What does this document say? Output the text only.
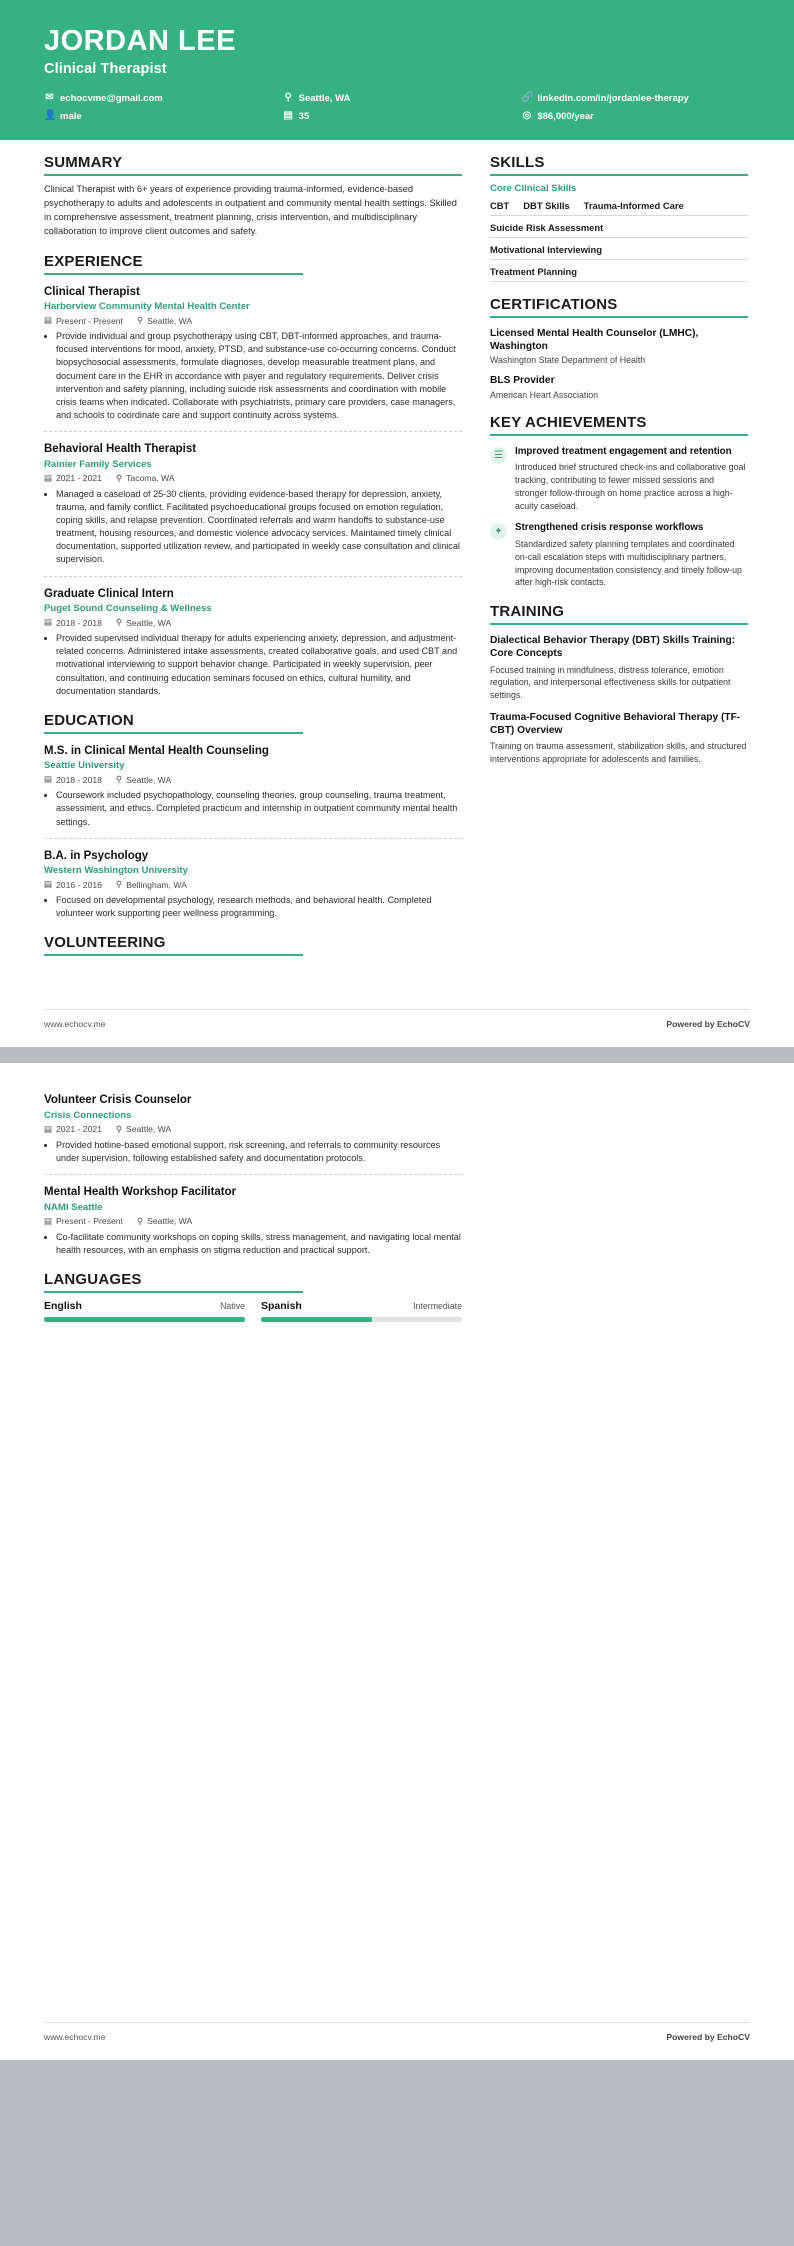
JORDAN LEE
Clinical Therapist
✉ echocvme@gmail.com	⚲ Seattle, WA	🔗 linkedin.com/in/jordanlee-therapy
👤 male	▤ 35	◎ $86,000/year
SUMMARY

Clinical Therapist with 6+ years of experience providing trauma-informed, evidence-based psychotherapy to adults and adolescents in outpatient and community mental health settings. Skilled in comprehensive assessment, treatment planning, crisis intervention, and multidisciplinary collaboration to improve client outcomes and safety.

EXPERIENCE
Clinical Therapist
Harborview Community Mental Health Center
▤ Present - Present ⚲ Seattle, WA
• Provide individual and group psychotherapy using CBT, DBT-informed approaches, and trauma-focused interventions for mood, anxiety, PTSD, and substance-use co-occurring concerns. Conduct biopsychosocial assessments, formulate diagnoses, develop measurable treatment plans, and document care in the EHR in accordance with payer and regulatory requirements. Deliver crisis intervention and safety planning, including suicide risk assessments and coordination with mobile crisis teams when indicated. Collaborate with psychiatrists, primary care providers, case managers, and schools to coordinate care and support continuity across systems.
Behavioral Health Therapist
Rainier Family Services
▤ 2021 - 2021 ⚲ Tacoma, WA
• Managed a caseload of 25-30 clients, providing evidence-based therapy for depression, anxiety, trauma, and family conflict. Facilitated psychoeducational groups focused on emotion regulation, coping skills, and relapse prevention. Coordinated referrals and warm handoffs to substance-use treatment, housing resources, and domestic violence advocacy services. Maintained timely clinical documentation, supported utilization review, and participated in weekly case consultation and clinical supervision.
Graduate Clinical Intern
Puget Sound Counseling & Wellness
▤ 2018 - 2018 ⚲ Seattle, WA
• Provided supervised individual therapy for adults experiencing anxiety, depression, and adjustment-related concerns. Administered intake assessments, created collaborative goals, and used CBT and motivational interviewing to support behavior change. Participated in weekly supervision, peer consultation, and continuing education seminars focused on ethics, cultural humility, and documentation standards.
EDUCATION
M.S. in Clinical Mental Health Counseling
Seattle University
▤ 2018 - 2018 ⚲ Seattle, WA
• Coursework included psychopathology, counseling theories, group counseling, trauma treatment, assessment, and ethics. Completed practicum and internship in outpatient community mental health settings.
B.A. in Psychology
Western Washington University
▤ 2016 - 2016 ⚲ Bellingham, WA
• Focused on developmental psychology, research methods, and behavioral health. Completed volunteer work supporting peer wellness programming.
VOLUNTEERING
SKILLS
Core Clinical Skills
CBT DBT Skills Trauma-Informed Care
Suicide Risk Assessment
Motivational Interviewing
Treatment Planning
CERTIFICATIONS
Licensed Mental Health Counselor (LMHC), Washington
Washington State Department of Health
BLS Provider
American Heart Association
KEY ACHIEVEMENTS
☰	Improved treatment engagement and retention
Introduced brief structured check-ins and collaborative goal tracking, contributing to fewer missed sessions and stronger follow-through on home practice across a high-acuity caseload.
✦	Strengthened crisis response workflows
Standardized safety planning templates and coordinated on-call escalation steps with multidisciplinary partners, improving documentation consistency and timely follow-up after high-risk contacts.
TRAINING
Dialectical Behavior Therapy (DBT) Skills Training: Core Concepts
Focused training in mindfulness, distress tolerance, emotion regulation, and interpersonal effectiveness skills for outpatient settings.
Trauma-Focused Cognitive Behavioral Therapy (TF-CBT) Overview
Training on trauma assessment, stabilization skills, and structured interventions appropriate for adolescents and families.
www.echocv.me	Powered by EchoCV
Volunteer Crisis Counselor
Crisis Connections
▤ 2021 - 2021 ⚲ Seattle, WA
• Provided hotline-based emotional support, risk screening, and referrals to community resources under supervision, following established safety and documentation protocols.
Mental Health Workshop Facilitator
NAMI Seattle
▤ Present - Present ⚲ Seattle, WA
• Co-facilitate community workshops on coping skills, stress management, and navigating local mental health resources, with an emphasis on stigma reduction and practical support.
LANGUAGES
English	Native Spanish	Intermediate
www.echocv.me	Powered by EchoCV
